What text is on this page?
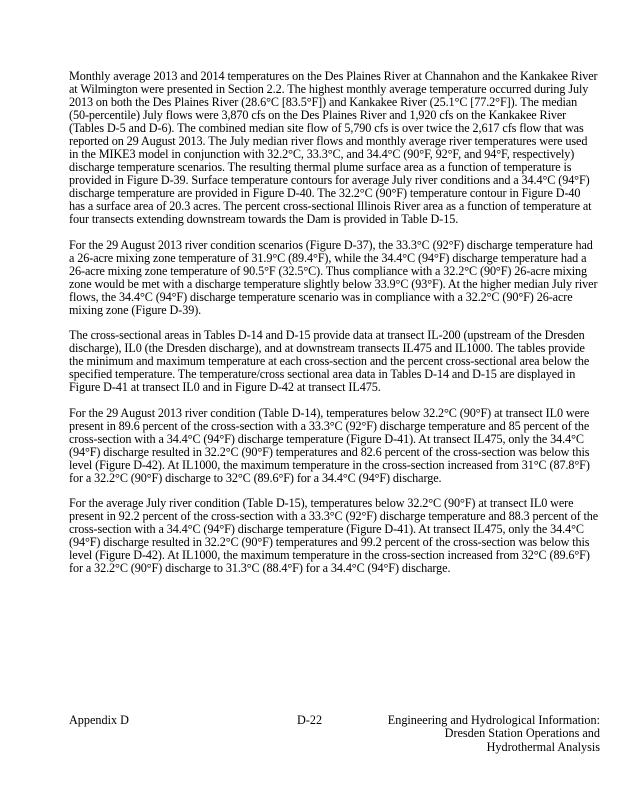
Monthly average 2013 and 2014 temperatures on the Des Plaines River at Channahon and the Kankakee River at Wilmington were presented in Section 2.2. The highest monthly average temperature occurred during July 2013 on both the Des Plaines River (28.6°C [83.5°F]) and Kankakee River (25.1°C [77.2°F]). The median (50-percentile) July flows were 3,870 cfs on the Des Plaines River and 1,920 cfs on the Kankakee River (Tables D-5 and D-6). The combined median site flow of 5,790 cfs is over twice the 2,617 cfs flow that was reported on 29 August 2013. The July median river flows and monthly average river temperatures were used in the MIKE3 model in conjunction with 32.2°C, 33.3°C, and 34.4°C (90°F, 92°F, and 94°F, respectively) discharge temperature scenarios. The resulting thermal plume surface area as a function of temperature is provided in Figure D-39. Surface temperature contours for average July river conditions and a 34.4°C (94°F) discharge temperature are provided in Figure D-40. The 32.2°C (90°F) temperature contour in Figure D-40 has a surface area of 20.3 acres. The percent cross-sectional Illinois River area as a function of temperature at four transects extending downstream towards the Dam is provided in Table D-15.

For the 29 August 2013 river condition scenarios (Figure D-37), the 33.3°C (92°F) discharge temperature had a 26-acre mixing zone temperature of 31.9°C (89.4°F), while the 34.4°C (94°F) discharge temperature had a 26-acre mixing zone temperature of 90.5°F (32.5°C). Thus compliance with a 32.2°C (90°F) 26-acre mixing zone would be met with a discharge temperature slightly below 33.9°C (93°F). At the higher median July river flows, the 34.4°C (94°F) discharge temperature scenario was in compliance with a 32.2°C (90°F) 26-acre mixing zone (Figure D-39).

The cross-sectional areas in Tables D-14 and D-15 provide data at transect IL-200 (upstream of the Dresden discharge), IL0 (the Dresden discharge), and at downstream transects IL475 and IL1000. The tables provide the minimum and maximum temperature at each cross-section and the percent cross-sectional area below the specified temperature. The temperature/cross sectional area data in Tables D-14 and D-15 are displayed in Figure D-41 at transect IL0 and in Figure D-42 at transect IL475.

For the 29 August 2013 river condition (Table D-14), temperatures below 32.2°C (90°F) at transect IL0 were present in 89.6 percent of the cross-section with a 33.3°C (92°F) discharge temperature and 85 percent of the cross-section with a 34.4°C (94°F) discharge temperature (Figure D-41). At transect IL475, only the 34.4°C (94°F) discharge resulted in 32.2°C (90°F) temperatures and 82.6 percent of the cross-section was below this level (Figure D-42). At IL1000, the maximum temperature in the cross-section increased from 31°C (87.8°F) for a 32.2°C (90°F) discharge to 32°C (89.6°F) for a 34.4°C (94°F) discharge.

For the average July river condition (Table D-15), temperatures below 32.2°C (90°F) at transect IL0 were present in 92.2 percent of the cross-section with a 33.3°C (92°F) discharge temperature and 88.3 percent of the cross-section with a 34.4°C (94°F) discharge temperature (Figure D-41). At transect IL475, only the 34.4°C (94°F) discharge resulted in 32.2°C (90°F) temperatures and 99.2 percent of the cross-section was below this level (Figure D-42). At IL1000, the maximum temperature in the cross-section increased from 32°C (89.6°F) for a 32.2°C (90°F) discharge to 31.3°C (88.4°F) for a 34.4°C (94°F) discharge.

Appendix D	D-22	Engineering and Hydrological Information:
Dresden Station Operations and
Hydrothermal Analysis
